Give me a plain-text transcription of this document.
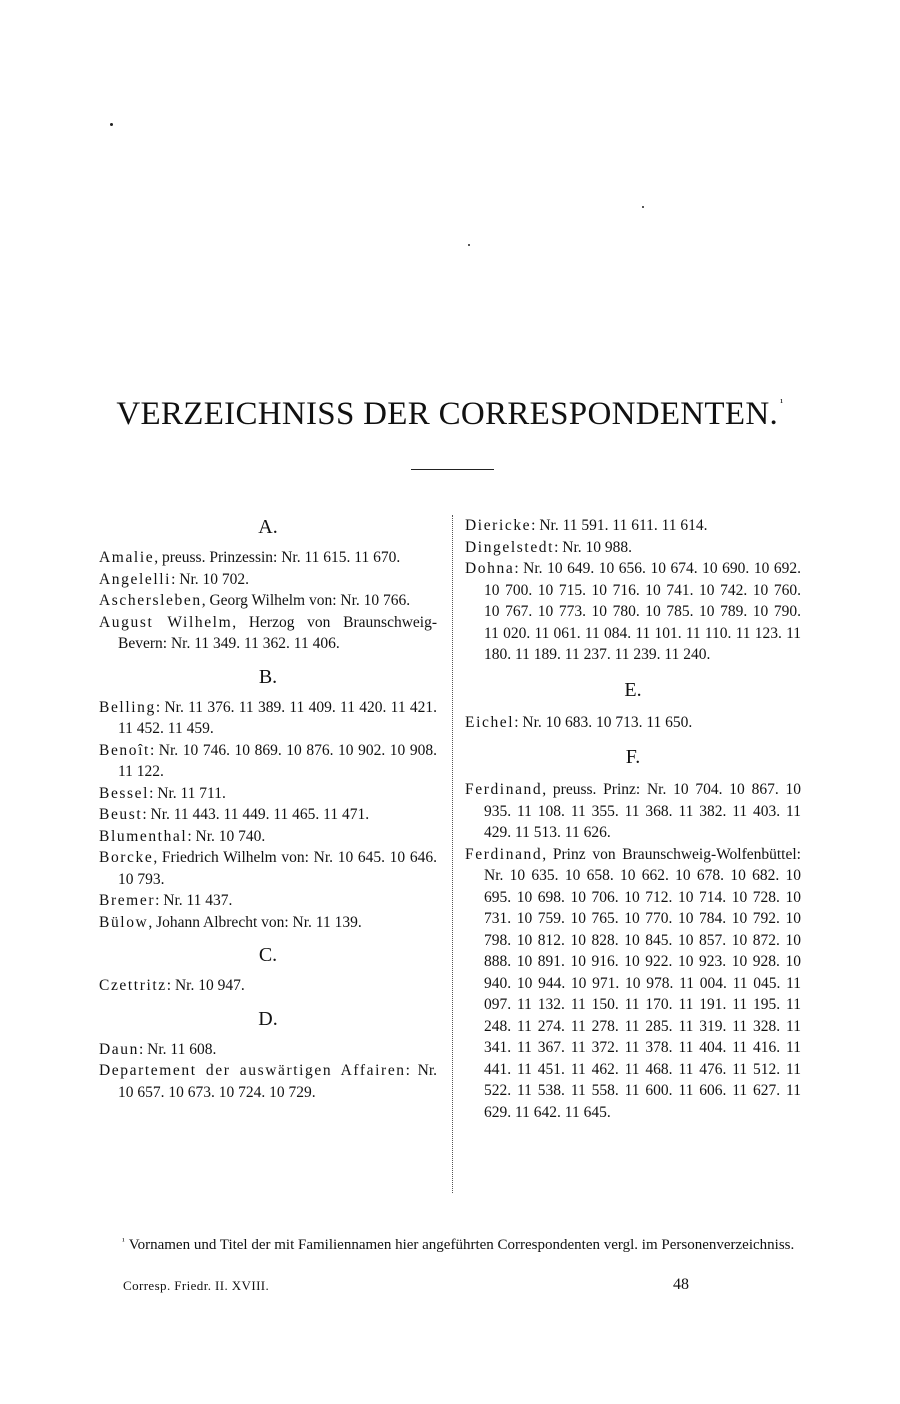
VERZEICHNISS DER CORRESPONDENTEN. $^{^1}$
A.

Amalie, preuss. Prinzessin: Nr. 11 615. 11 670.

Angelelli: Nr. 10 702.

Aschersleben, Georg Wilhelm von: Nr. 10 766.

August Wilhelm, Herzog von Braunschweig-Bevern: Nr. 11 349. 11 362. 11 406.

B.

Belling: Nr. 11 376. 11 389. 11 409. 11 420. 11 421. 11 452. 11 459.

Benoît: Nr. 10 746. 10 869. 10 876. 10 902. 10 908. 11 122.

Bessel: Nr. 11 711.

Beust: Nr. 11 443. 11 449. 11 465. 11 471.

Blumenthal: Nr. 10 740.

Borcke, Friedrich Wilhelm von: Nr. 10 645. 10 646. 10 793.

Bremer: Nr. 11 437.

Bülow, Johann Albrecht von: Nr. 11 139.

C.

Czettritz: Nr. 10 947.

D.

Daun: Nr. 11 608.

Departement der auswärtigen Affairen: Nr. 10 657. 10 673. 10 724. 10 729.

Diericke: Nr. 11 591. 11 611. 11 614.

Dingelstedt: Nr. 10 988.

Dohna: Nr. 10 649. 10 656. 10 674. 10 690. 10 692. 10 700. 10 715. 10 716. 10 741. 10 742. 10 760. 10 767. 10 773. 10 780. 10 785. 10 789. 10 790. 11 020. 11 061. 11 084. 11 101. 11 110. 11 123. 11 180. 11 189. 11 237. 11 239. 11 240.

E.

Eichel: Nr. 10 683. 10 713. 11 650.

F.

Ferdinand, preuss. Prinz: Nr. 10 704. 10 867. 10 935. 11 108. 11 355. 11 368. 11 382. 11 403. 11 429. 11 513. 11 626.

Ferdinand, Prinz von Braunschweig-Wolfenbüttel: Nr. 10 635. 10 658. 10 662. 10 678. 10 682. 10 695. 10 698. 10 706. 10 712. 10 714. 10 728. 10 731. 10 759. 10 765. 10 770. 10 784. 10 792. 10 798. 10 812. 10 828. 10 845. 10 857. 10 872. 10 888. 10 891. 10 916. 10 922. 10 923. 10 928. 10 940. 10 944. 10 971. 10 978. 11 004. 11 045. 11 097. 11 132. 11 150. 11 170. 11 191. 11 195. 11 248. 11 274. 11 278. 11 285. 11 319. 11 328. 11 341. 11 367. 11 372. 11 378. 11 404. 11 416. 11 441. 11 451. 11 462. 11 468. 11 476. 11 512. 11 522. 11 538. 11 558. 11 600. 11 606. 11 627. 11 629. 11 642. 11 645.

$^{^1}$ Vornamen und Titel der mit Familiennamen hier angeführten Correspondenten vergl. im Personenverzeichniss.
Corresp. Friedr. II. XVIII.	48
